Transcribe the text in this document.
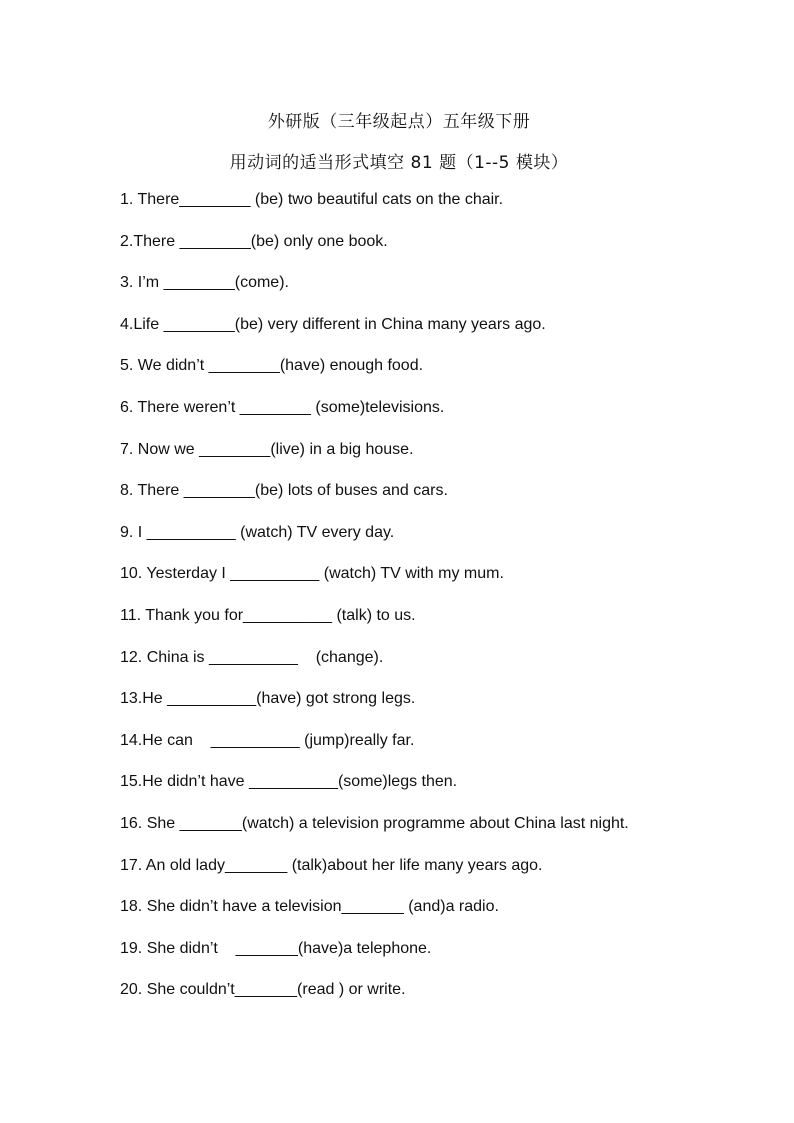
外研版（三年级起点）五年级下册
用动词的适当形式填空 81 题（1--5 模块）
1. There________ (be) two beautiful cats on the chair.
2.There ________(be) only one book.
3. I’m ________(come).
4.Life ________(be) very different in China many years ago.
5. We didn’t ________(have) enough food.
6. There weren’t ________ (some)televisions.
7. Now we ________(live) in a big house.
8. There ________(be) lots of buses and cars.
9. I __________ (watch) TV every day.
10. Yesterday I __________ (watch) TV with my mum.
11. Thank you for__________ (talk) to us.
12. China is __________    (change).
13.He __________(have) got strong legs.
14.He can    __________ (jump)really far.
15.He didn’t have __________(some)legs then.
16. She _______(watch) a television programme about China last night.
17. An old lady_______ (talk)about her life many years ago.
18. She didn’t have a television_______ (and)a radio.
19. She didn’t    _______(have)a telephone.
20. She couldn’t_______(read ) or write.
